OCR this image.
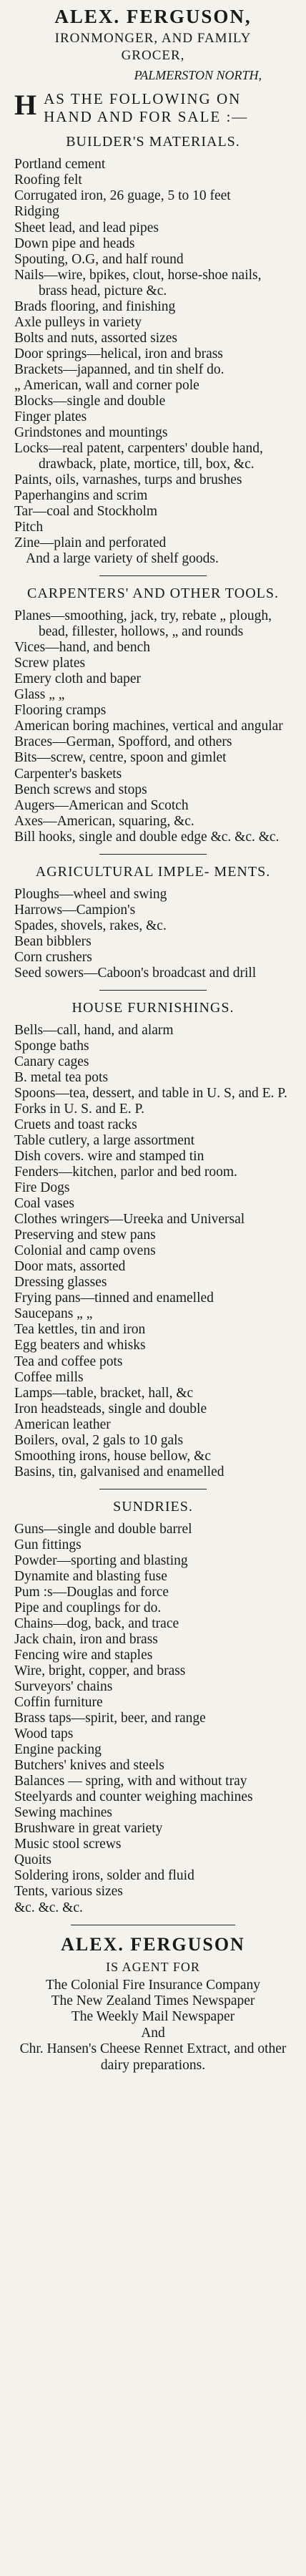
ALEX. FERGUSON,
IRONMONGER, AND FAMILY
GROCER,
PALMERSTON NORTH,
H AS THE FOLLOWING ON
HAND AND FOR SALE :—
BUILDER'S MATERIALS.
Portland cement
Roofing felt
Corrugated iron, 26 guage, 5 to 10 feet
Ridging
Sheet lead, and lead pipes
Down pipe and heads
Spouting, O.G, and half round
Nails—wire, bpikes, clout, horse-shoe nails, brass head, picture &c.
Brads flooring, and finishing
Axle pulleys in variety
Bolts and nuts, assorted sizes
Door springs—helical, iron and brass
Brackets—japanned, and tin shelf do.
„ American, wall and corner pole
Blocks—single and double
Finger plates
Grindstones and mountings
Locks—real patent, carpenters' double hand, drawback, plate, mortice, till, box, &c.
Paints, oils, varnashes, turps and brushes
Paperhangins and scrim
Tar—coal and Stockholm
Pitch
Zine—plain and perforated
And a large variety of shelf goods.
CARPENTERS' AND OTHER TOOLS.
Planes—smoothing, jack, try, rebate „ plough, bead, fillester, hollows, „ and rounds
Vices—hand, and bench
Screw plates
Emery cloth and baper
Glass „ „
Flooring cramps
American boring machines, vertical and angular
Braces—German, Spofford, and others
Bits—screw, centre, spoon and gimlet
Carpenter's baskets
Bench screws and stops
Augers—American and Scotch
Axes—American, squaring, &c.
Bill hooks, single and double edge &c. &c. &c.
AGRICULTURAL IMPLE- MENTS.
Ploughs—wheel and swing
Harrows—Campion's
Spades, shovels, rakes, &c.
Bean bibblers
Corn crushers
Seed sowers—Caboon's broadcast and drill
HOUSE FURNISHINGS.
Bells—call, hand, and alarm
Sponge baths
Canary cages
B. metal tea pots
Spoons—tea, dessert, and table in U. S, and E. P.
Forks in U. S. and E. P.
Cruets and toast racks
Table cutlery, a large assortment
Dish covers. wire and stamped tin
Fenders—kitchen, parlor and bed room.
Fire Dogs
Coal vases
Clothes wringers—Ureeka and Universal
Preserving and stew pans
Colonial and camp ovens
Door mats, assorted
Dressing glasses
Frying pans—tinned and enamelled
Saucepans „ „
Tea kettles, tin and iron
Egg beaters and whisks
Tea and coffee pots
Coffee mills
Lamps—table, bracket, hall, &c
Iron headsteads, single and double
American leather
Boilers, oval, 2 gals to 10 gals
Smoothing irons, house bellow, &c
Basins, tin, galvanised and enamelled
SUNDRIES.
Guns—single and double barrel
Gun fittings
Powder—sporting and blasting
Dynamite and blasting fuse
Pum :s—Douglas and force
Pipe and couplings for do.
Chains—dog, back, and trace
Jack chain, iron and brass
Fencing wire and staples
Wire, bright, copper, and brass
Surveyors' chains
Coffin furniture
Brass taps—spirit, beer, and range
Wood taps
Engine packing
Butchers' knives and steels
Balances — spring, with and without tray
Steelyards and counter weighing machines
Sewing machines
Brushware in great variety
Music stool screws
Quoits
Soldering irons, solder and fluid
Tents, various sizes
&c. &c. &c.
ALEX. FERGUSON
IS AGENT FOR
The Colonial Fire Insurance Company
The New Zealand Times Newspaper
The Weekly Mail Newspaper
And
Chr. Hansen's Cheese Rennet Extract, and other dairy preparations.
